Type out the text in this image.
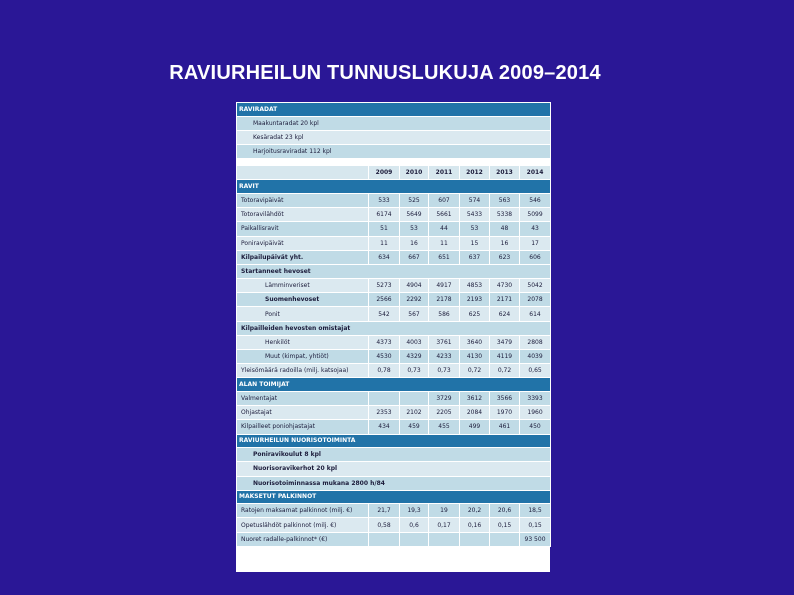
RAVIURHEILUN TUNNUSLUKUJA 2009–2014
RAVIRADAT						
Maakuntaradat 20 kpl						
Kesäradat 23 kpl						
Harjoitusraviradat 112 kpl						

	2009	2010	2011	2012	2013	2014
RAVIT						
Totoravipäivät	533	525	607	574	563	546
Totoravilähdöt	6174	5649	5661	5433	5338	5099
Paikallisravit	51	53	44	53	48	43
Poniravipäivät	11	16	11	15	16	17
Kilpailupäivät yht.	634	667	651	637	623	606
Startanneet hevoset						
Lämminveriset	5273	4904	4917	4853	4730	5042
Suomenhevoset	2566	2292	2178	2193	2171	2078
Ponit	542	567	586	625	624	614
Kilpailleiden hevosten omistajat						
Henkilöt	4373	4003	3761	3640	3479	2808
Muut (kimpat, yhtiöt)	4530	4329	4233	4130	4119	4039
Yleisömäärä radoilla (milj. katsojaa)	0,78	0,73	0,73	0,72	0,72	0,65
ALAN TOIMIJAT						
Valmentajat			3729	3612	3566	3393
Ohjastajat	2353	2102	2205	2084	1970	1960
Kilpailleet poniohjastajat	434	459	455	499	461	450
RAVIURHEILUN NUORISOTOIMINTA						
Poniravikoulut 8 kpl						
Nuorisoravikerhot 20 kpl						
Nuorisotoiminnassa mukana 2800 h/84						
MAKSETUT PALKINNOT						
Ratojen maksamat palkinnot (milj. €)	21,7	19,3	19	20,2	20,6	18,5
Opetuslähdöt palkinnot (milj. €)	0,58	0,6	0,17	0,16	0,15	0,15
Nuoret radalle-palkinnot* (€)						93 500
